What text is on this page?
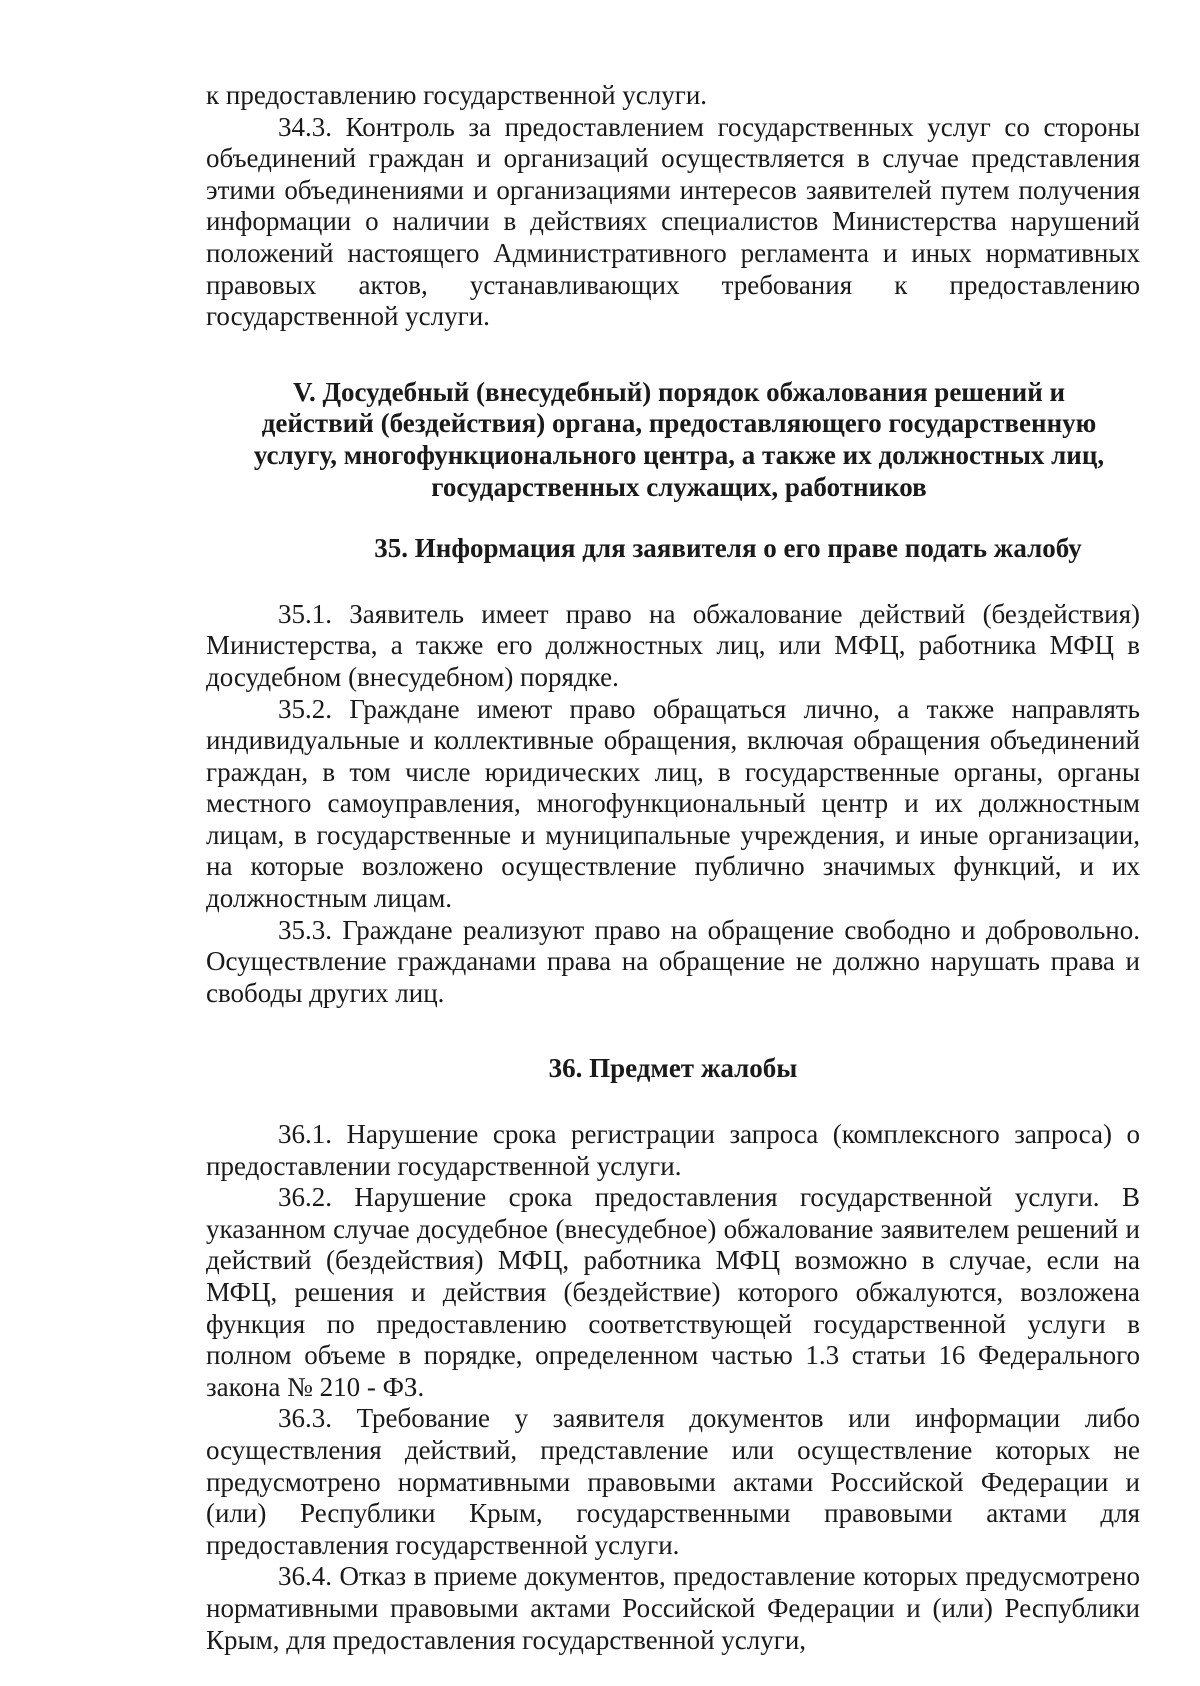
к предоставлению государственной услуги.

34.3. Контроль за предоставлением государственных услуг со стороны объединений граждан и организаций осуществляется в случае представления этими объединениями и организациями интересов заявителей путем получения информации о наличии в действиях специалистов Министерства нарушений положений настоящего Административного регламента и иных нормативных правовых актов, устанавливающих требования к предоставлению государственной услуги.

V. Досудебный (внесудебный) порядок обжалования решений и действий (бездействия) органа, предоставляющего государственную услугу, многофункционального центра, а также их должностных лиц, государственных служащих, работников

35. Информация для заявителя о его праве подать жалобу

35.1. Заявитель имеет право на обжалование действий (бездействия) Министерства, а также его должностных лиц, или МФЦ, работника МФЦ в досудебном (внесудебном) порядке.

35.2. Граждане имеют право обращаться лично, а также направлять индивидуальные и коллективные обращения, включая обращения объединений граждан, в том числе юридических лиц, в государственные органы, органы местного самоуправления, многофункциональный центр и их должностным лицам, в государственные и муниципальные учреждения, и иные организации, на которые возложено осуществление публично значимых функций, и их должностным лицам.

35.3. Граждане реализуют право на обращение свободно и добровольно. Осуществление гражданами права на обращение не должно нарушать права и свободы других лиц.

36. Предмет жалобы

36.1. Нарушение срока регистрации запроса (комплексного запроса) о предоставлении государственной услуги.

36.2. Нарушение срока предоставления государственной услуги. В указанном случае досудебное (внесудебное) обжалование заявителем решений и действий (бездействия) МФЦ, работника МФЦ возможно в случае, если на МФЦ, решения и действия (бездействие) которого обжалуются, возложена функция по предоставлению соответствующей государственной услуги в полном объеме в порядке, определенном частью 1.3 статьи 16 Федерального закона № 210 - ФЗ.

36.3. Требование у заявителя документов или информации либо осуществления действий, представление или осуществление которых не предусмотрено нормативными правовыми актами Российской Федерации и (или) Республики Крым, государственными правовыми актами для предоставления государственной услуги.

36.4. Отказ в приеме документов, предоставление которых предусмотрено нормативными правовыми актами Российской Федерации и (или) Республики Крым, для предоставления государственной услуги,
